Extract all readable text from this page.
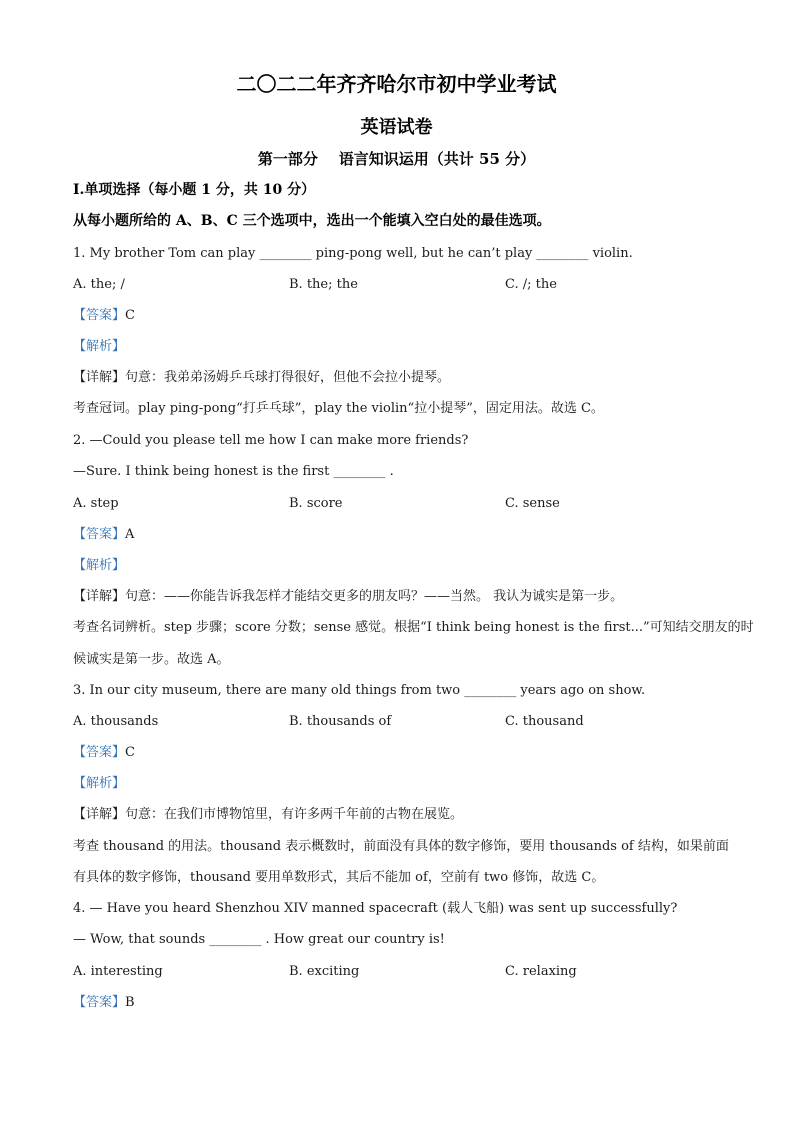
二〇二二年齐齐哈尔市初中学业考试
英语试卷
第一部分    语言知识运用（共计 55 分）
Ⅰ.单项选择（每小题 1 分，共 10 分）
从每小题所给的 A、B、C 三个选项中，选出一个能填入空白处的最佳选项。
1. My brother Tom can play ________ ping-pong well, but he can’t play ________ violin.
A. the; /	B. the; the	C. /; the
【答案】C
【解析】
【详解】句意：我弟弟汤姆乒乓球打得很好，但他不会拉小提琴。
考查冠词。play ping-pong“打乒乓球”，play the violin“拉小提琴”，固定用法。故选 C。
2. —Could you please tell me how I can make more friends?
—Sure. I think being honest is the first ________ .
A. step	B. score	C. sense
【答案】A
【解析】
【详解】句意：——你能告诉我怎样才能结交更多的朋友吗？——当然。 我认为诚实是第一步。
考查名词辨析。step 步骤；score 分数；sense 感觉。根据“I think being honest is the first...”可知结交朋友的时
候诚实是第一步。故选 A。
3. In our city museum, there are many old things from two ________ years ago on show.
A. thousands	B. thousands of	C. thousand
【答案】C
【解析】
【详解】句意：在我们市博物馆里，有许多两千年前的古物在展览。
考查 thousand 的用法。thousand 表示概数时，前面没有具体的数字修饰，要用 thousands of 结构，如果前面
有具体的数字修饰，thousand 要用单数形式，其后不能加 of，空前有 two 修饰，故选 C。
4. — Have you heard Shenzhou XIV manned spacecraft (载人飞船) was sent up successfully?
— Wow, that sounds ________ . How great our country is!
A. interesting	B. exciting	C. relaxing
【答案】B
